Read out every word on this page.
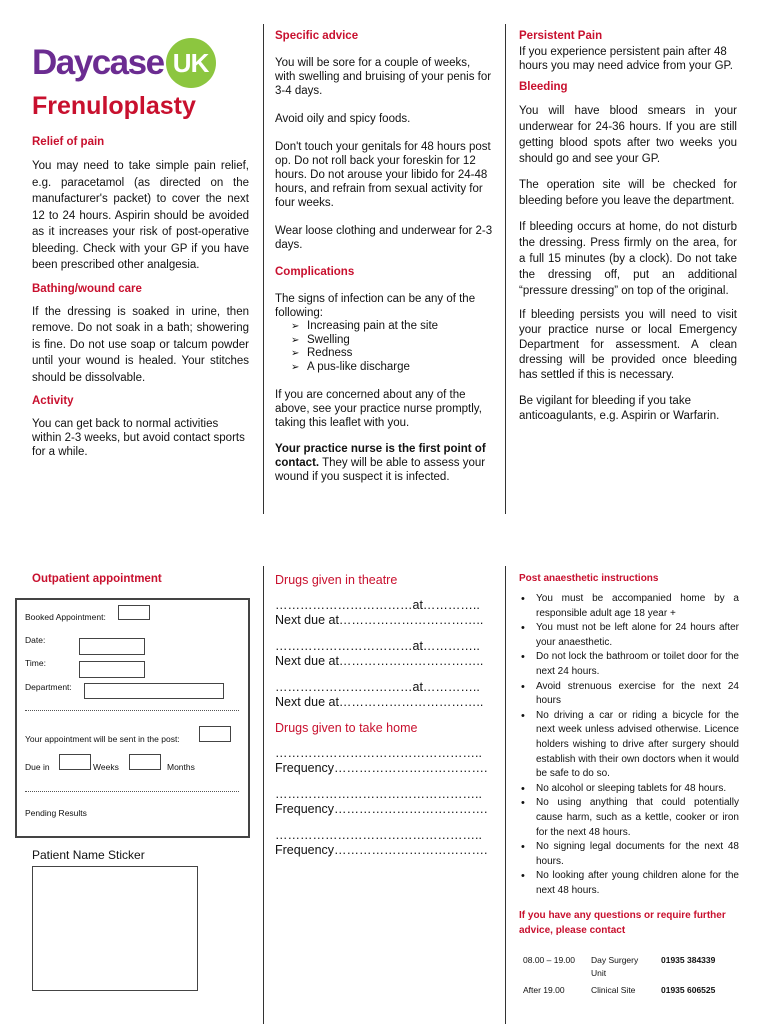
Daycase UK
Frenuloplasty

Relief of pain

You may need to take simple pain relief, e.g. paracetamol (as directed on the manufacturer's packet) to cover the next 12 to 24 hours. Aspirin should be avoided as it increases your risk of post-operative bleeding. Check with your GP if you have been prescribed other analgesia.

Bathing/wound care

If the dressing is soaked in urine, then remove. Do not soak in a bath; showering is fine. Do not use soap or talcum powder until your wound is healed. Your stitches should be dissolvable.

Activity

You can get back to normal activities within 2-3 weeks, but avoid contact sports for a while.

Specific advice

You will be sore for a couple of weeks, with swelling and bruising of your penis for 3-4 days.

Avoid oily and spicy foods.

Don't touch your genitals for 48 hours post op. Do not roll back your foreskin for 12 hours. Do not arouse your libido for 24-48 hours, and refrain from sexual activity for four weeks.

Wear loose clothing and underwear for 2-3 days.

Complications

The signs of infection can be any of the following:

➢ Increasing pain at the site
➢ Swelling
➢ Redness
➢ A pus-like discharge

If you are concerned about any of the above, see your practice nurse promptly, taking this leaflet with you.

Your practice nurse is the first point of contact. They will be able to assess your wound if you suspect it is infected.

Persistent Pain

If you experience persistent pain after 48 hours you may need advice from your GP.

Bleeding

You will have blood smears in your underwear for 24-36 hours. If you are still getting blood spots after two weeks you should go and see your GP.

The operation site will be checked for bleeding before you leave the department.

If bleeding occurs at home, do not disturb the dressing. Press firmly on the area, for a full 15 minutes (by a clock). Do not take the dressing off, put an additional “pressure dressing” on top of the original.

If bleeding persists you will need to visit your practice nurse or local Emergency Department for assessment. A clean dressing will be provided once bleeding has settled if this is necessary.

Be vigilant for bleeding if you take anticoagulants, e.g. Aspirin or Warfarin.

Outpatient appointment
Booked Appointment:
Date:
Time:
Department:
Your appointment will be sent in the post:
Due in	Weeks	Months
Pending Results
Patient Name Sticker

Drugs given in theatre

……………………………at…………..

Next due at……………………………..

……………………………at…………..

Next due at……………………………..

……………………………at…………..

Next due at……………………………..

Drugs given to take home

…………………………………………..

Frequency……………………………….

…………………………………………..

Frequency……………………………….

…………………………………………..

Frequency……………………………….

Post anaesthetic instructions

• You must be accompanied home by a responsible adult age 18 year +
• You must not be left alone for 24 hours after your anaesthetic.
• Do not lock the bathroom or toilet door for the next 24 hours.
• Avoid strenuous exercise for the next 24 hours
• No driving a car or riding a bicycle for the next week unless advised otherwise. Licence holders wishing to drive after surgery should establish with their own doctors when it would be safe to do so.
• No alcohol or sleeping tablets for 48 hours.
• No using anything that could potentially cause harm, such as a kettle, cooker or iron for the next 48 hours.
• No signing legal documents for the next 48 hours.
• No looking after young children alone for the next 48 hours.

If you have any questions or require further advice, please contact

08.00 – 19.00	Day Surgery Unit	01935 384339
After 19.00	Clinical Site	01935 606525
